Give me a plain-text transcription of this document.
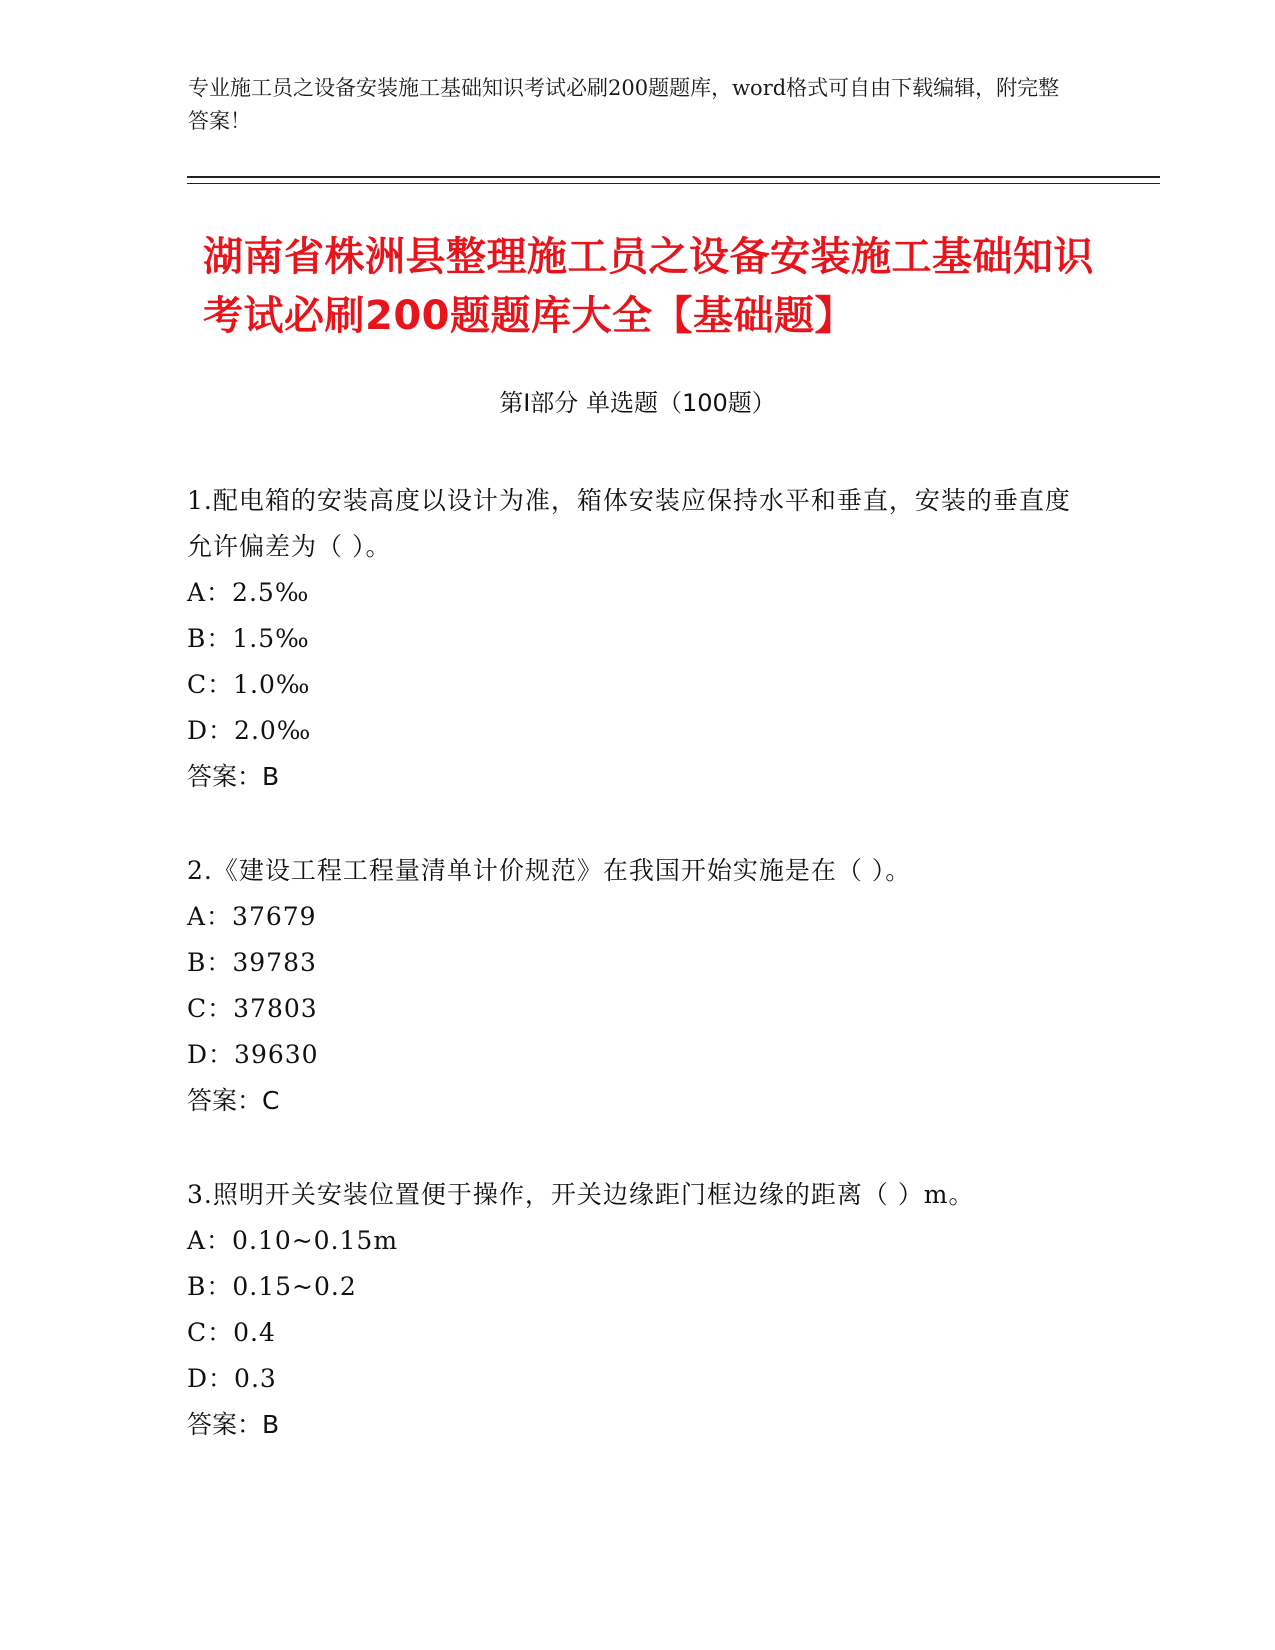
专业施工员之设备安装施工基础知识考试必刷200题题库，word格式可自由下载编辑，附完整答案！
湖南省株洲县整理施工员之设备安装施工基础知识考试必刷200题题库大全【基础题】
第I部分 单选题（100题）
1.配电箱的安装高度以设计为准，箱体安装应保持水平和垂直，安装的垂直度允许偏差为（ ）。
A：2.5‰
B：1.5‰
C：1.0‰
D：2.0‰
答案：B
2.《建设工程工程量清单计价规范》在我国开始实施是在（ ）。
A：37679
B：39783
C：37803
D：39630
答案：C
3.照明开关安装位置便于操作，开关边缘距门框边缘的距离（ ）m。
A：0.10~0.15m
B：0.15~0.2
C：0.4
D：0.3
答案：B
